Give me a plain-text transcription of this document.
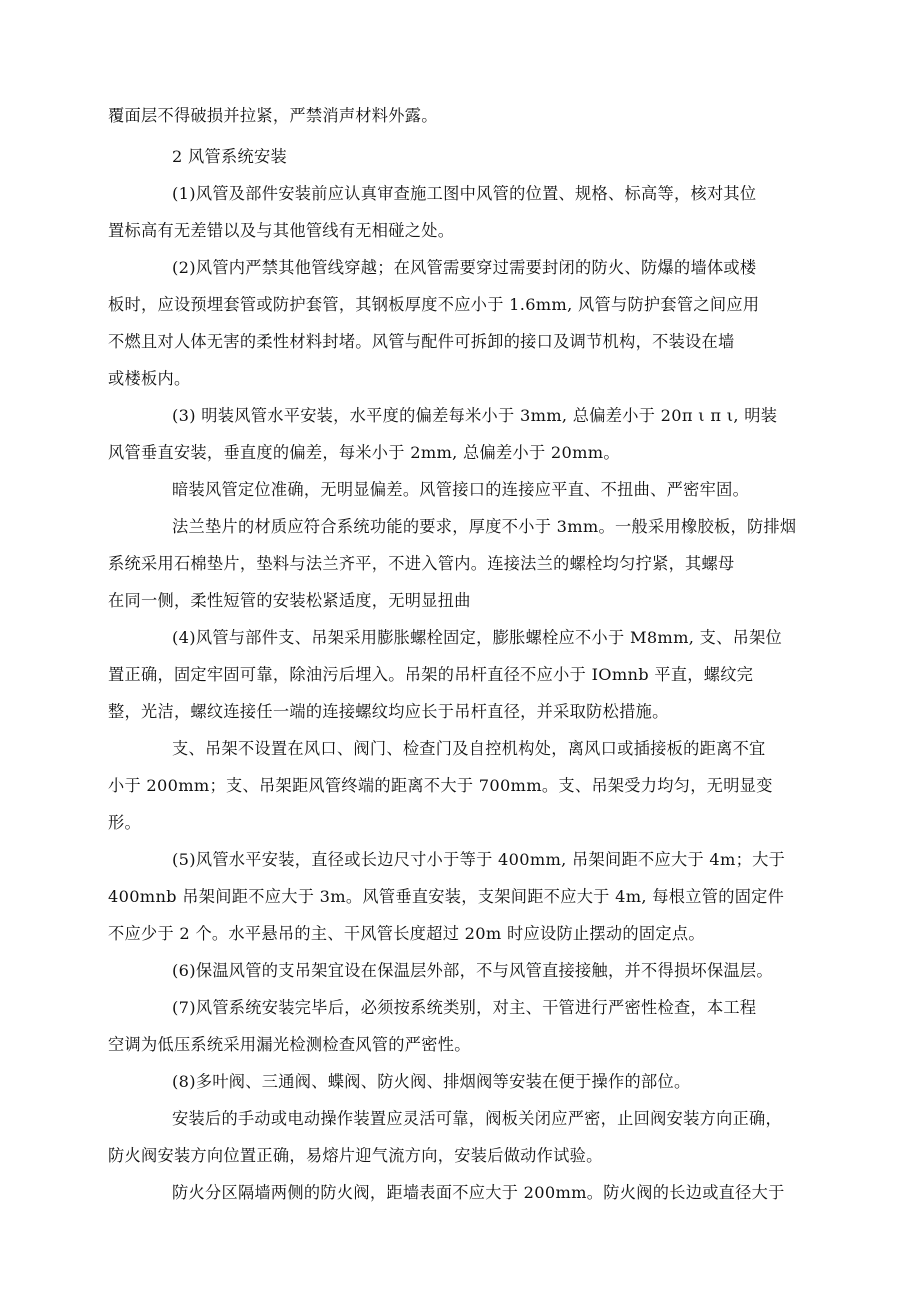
覆面层不得破损并拉紧，严禁消声材料外露。

2 风管系统安装

(1)风管及部件安装前应认真审查施工图中风管的位置、规格、标高等，核对其位

置标高有无差错以及与其他管线有无相碰之处。

(2)风管内严禁其他管线穿越；在风管需要穿过需要封闭的防火、防爆的墙体或楼

板时，应设预埋套管或防护套管，其钢板厚度不应小于 1.6mm, 风管与防护套管之间应用

不燃且对人体无害的柔性材料封堵。风管与配件可拆卸的接口及调节机构，不装设在墙

或楼板内。

(3) 明装风管水平安装，水平度的偏差每米小于 3mm, 总偏差小于 20π ι π ι, 明装

风管垂直安装，垂直度的偏差，每米小于 2mm, 总偏差小于 20mm。

暗装风管定位准确，无明显偏差。风管接口的连接应平直、不扭曲、严密牢固。

法兰垫片的材质应符合系统功能的要求，厚度不小于 3mm。一般采用橡胶板，防排烟

系统采用石棉垫片，垫料与法兰齐平，不进入管内。连接法兰的螺栓均匀拧紧，其螺母

在同一侧，柔性短管的安装松紧适度，无明显扭曲

(4)风管与部件支、吊架采用膨胀螺栓固定，膨胀螺栓应不小于 M8mm, 支、吊架位

置正确，固定牢固可靠，除油污后埋入。吊架的吊杆直径不应小于 IOmnb 平直，螺纹完

整，光洁，螺纹连接任一端的连接螺纹均应长于吊杆直径，并采取防松措施。

支、吊架不设置在风口、阀门、检查门及自控机构处，离风口或插接板的距离不宜

小于 200mm；支、吊架距风管终端的距离不大于 700mm。支、吊架受力均匀，无明显变

形。

(5)风管水平安装，直径或长边尺寸小于等于 400mm, 吊架间距不应大于 4m；大于

400mnb 吊架间距不应大于 3m。风管垂直安装，支架间距不应大于 4m, 每根立管的固定件

不应少于 2 个。水平悬吊的主、干风管长度超过 20m 时应设防止摆动的固定点。

(6)保温风管的支吊架宜设在保温层外部，不与风管直接接触，并不得损坏保温层。

(7)风管系统安装完毕后，必须按系统类别，对主、干管进行严密性检查，本工程

空调为低压系统采用漏光检测检查风管的严密性。

(8)多叶阀、三通阀、蝶阀、防火阀、排烟阀等安装在便于操作的部位。

安装后的手动或电动操作装置应灵活可靠，阀板关闭应严密，止回阀安装方向正确，

防火阀安装方向位置正确，易熔片迎气流方向，安装后做动作试验。

防火分区隔墙两侧的防火阀，距墙表面不应大于 200mm。防火阀的长边或直径大于
